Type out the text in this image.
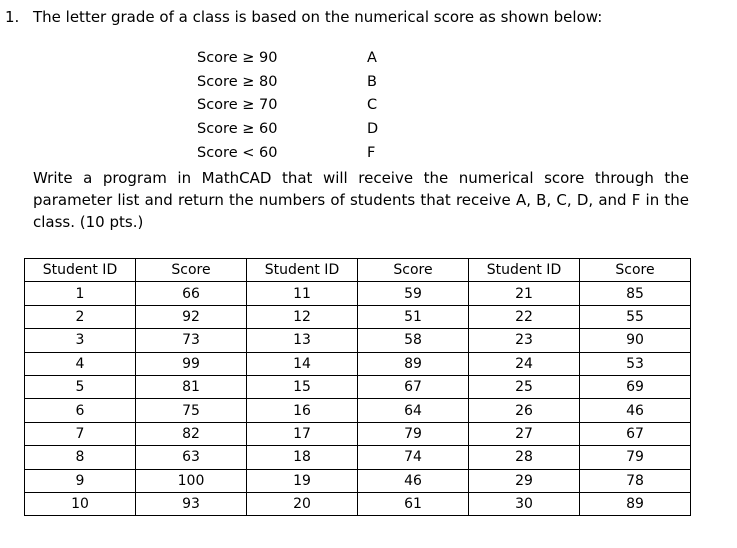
1. The letter grade of a class is based on the numerical score as shown below:
Score ≥ 90	A
Score ≥ 80	B
Score ≥ 70	C
Score ≥ 60	D
Score < 60	F
Write a program in MathCAD that will receive the numerical score through the parameter list and return the numbers of students that receive A, B, C, D, and F in the class. (10 pts.)
Student ID	Score	Student ID	Score	Student ID	Score
1	66	11	59	21	85
2	92	12	51	22	55
3	73	13	58	23	90
4	99	14	89	24	53
5	81	15	67	25	69
6	75	16	64	26	46
7	82	17	79	27	67
8	63	18	74	28	79
9	100	19	46	29	78
10	93	20	61	30	89
